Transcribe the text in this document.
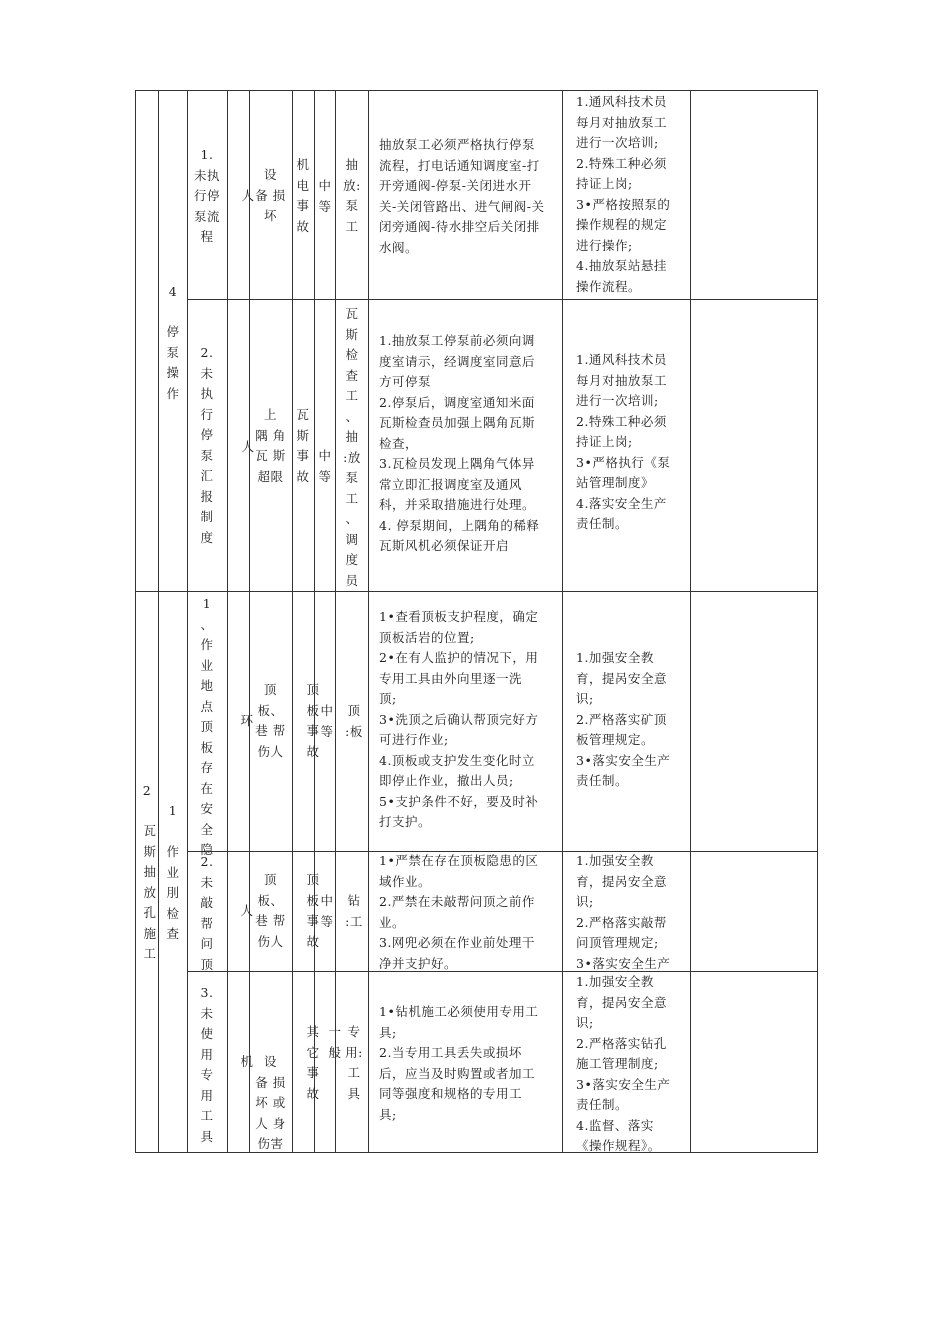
4
停
泵
操
作
1.
未执
行停
泵流
程
人
设
备 损
坏
机
电
事
故
中
等
抽
放:
泵
工
抽放泵工必须严格执行停泵
流程，打电话通知调度室-打
开旁通阀-停泵-关闭进水开
关-关闭管路出、进气闸阀-关
闭旁通阀-待水排空后关闭排
水阀。
1.通风科技术员
每月对抽放泵工
进行一次培训;
2.特殊工种必须
持证上岗;
3•严格按照泵的
操作规程的规定
进行操作;
4.抽放泵站悬挂
操作流程。
2.
未
执
行
停
泵
汇
报
制
度
人
上
隅 角
瓦 斯
超限
瓦
斯
事
故
中
等
瓦
斯
检
查
工
、
抽
:放
泵
工
、
调
度
员
1.抽放泵工停泵前必须向调
度室请示，经调度室同意后
方可停泵
2.停泵后，调度室通知米面
瓦斯检查员加强上隅角瓦斯
检查，
3.瓦检员发现上隅角气体异
常立即汇报调度室及通风
科，并采取措施进行处理。
4. 停泵期间，上隅角的稀释
瓦斯风机必须保证开启
1.通风科技术员
每月对抽放泵工
进行一次培训;
2.特殊工种必须
持证上岗;
3•严格执行《泵
站管理制度》
4.落实安全生产
责任制。
2
瓦
斯
抽
放
孔
施
工
1
作
业
刖
检
查
1
、
作
业
地
点
顶
板
存
在
安
全
隐
环
顶
板、
巷 帮
伤人
顶
板
事
故
中
等
顶
:板
1•查看顶板支护程度，确定
顶板活岩的位置;
2•在有人监护的情况下，用
专用工具由外向里逐一洗
顶;
3•洗顶之后确认帮顶完好方
可进行作业;
4.顶板或支护发生变化时立
即停止作业，撤出人员;
5•支护条件不好，要及时补
打支护。
1.加强安全教
育，提呙安全意
识;
2.严格落实矿顶
板管理规定。
3•落实安全生产
责任制。
2.
未
敲
帮
问
顶
人
顶
板、
巷 帮
伤人
顶
板
事
故
中
等
钻
:工
1•严禁在存在顶板隐患的区
域作业。
2.严禁在未敲帮问顶之前作
业。
3.网兜必须在作业前处理干
净并支护好。
1.加强安全教
育，提呙安全意
识;
2.严格落实敲帮
问顶管理规定;
3•落实安全生产
3.
未
使
用
专
用
工
具
机 设
备 损
坏 或
人 身
伤害
其
它
事
故
一
般
专
用:
工
具
1•钻机施工必须使用专用工
具;
2.当专用工具丢失或损坏
后，应当及时购置或者加工
同等强度和规格的专用工
具;
1.加强安全教
育，提呙安全意
识;
2.严格落实钻孔
施工管理制度;
3•落实安全生产
责任制。
4.监督、落实
《操作规程》。
